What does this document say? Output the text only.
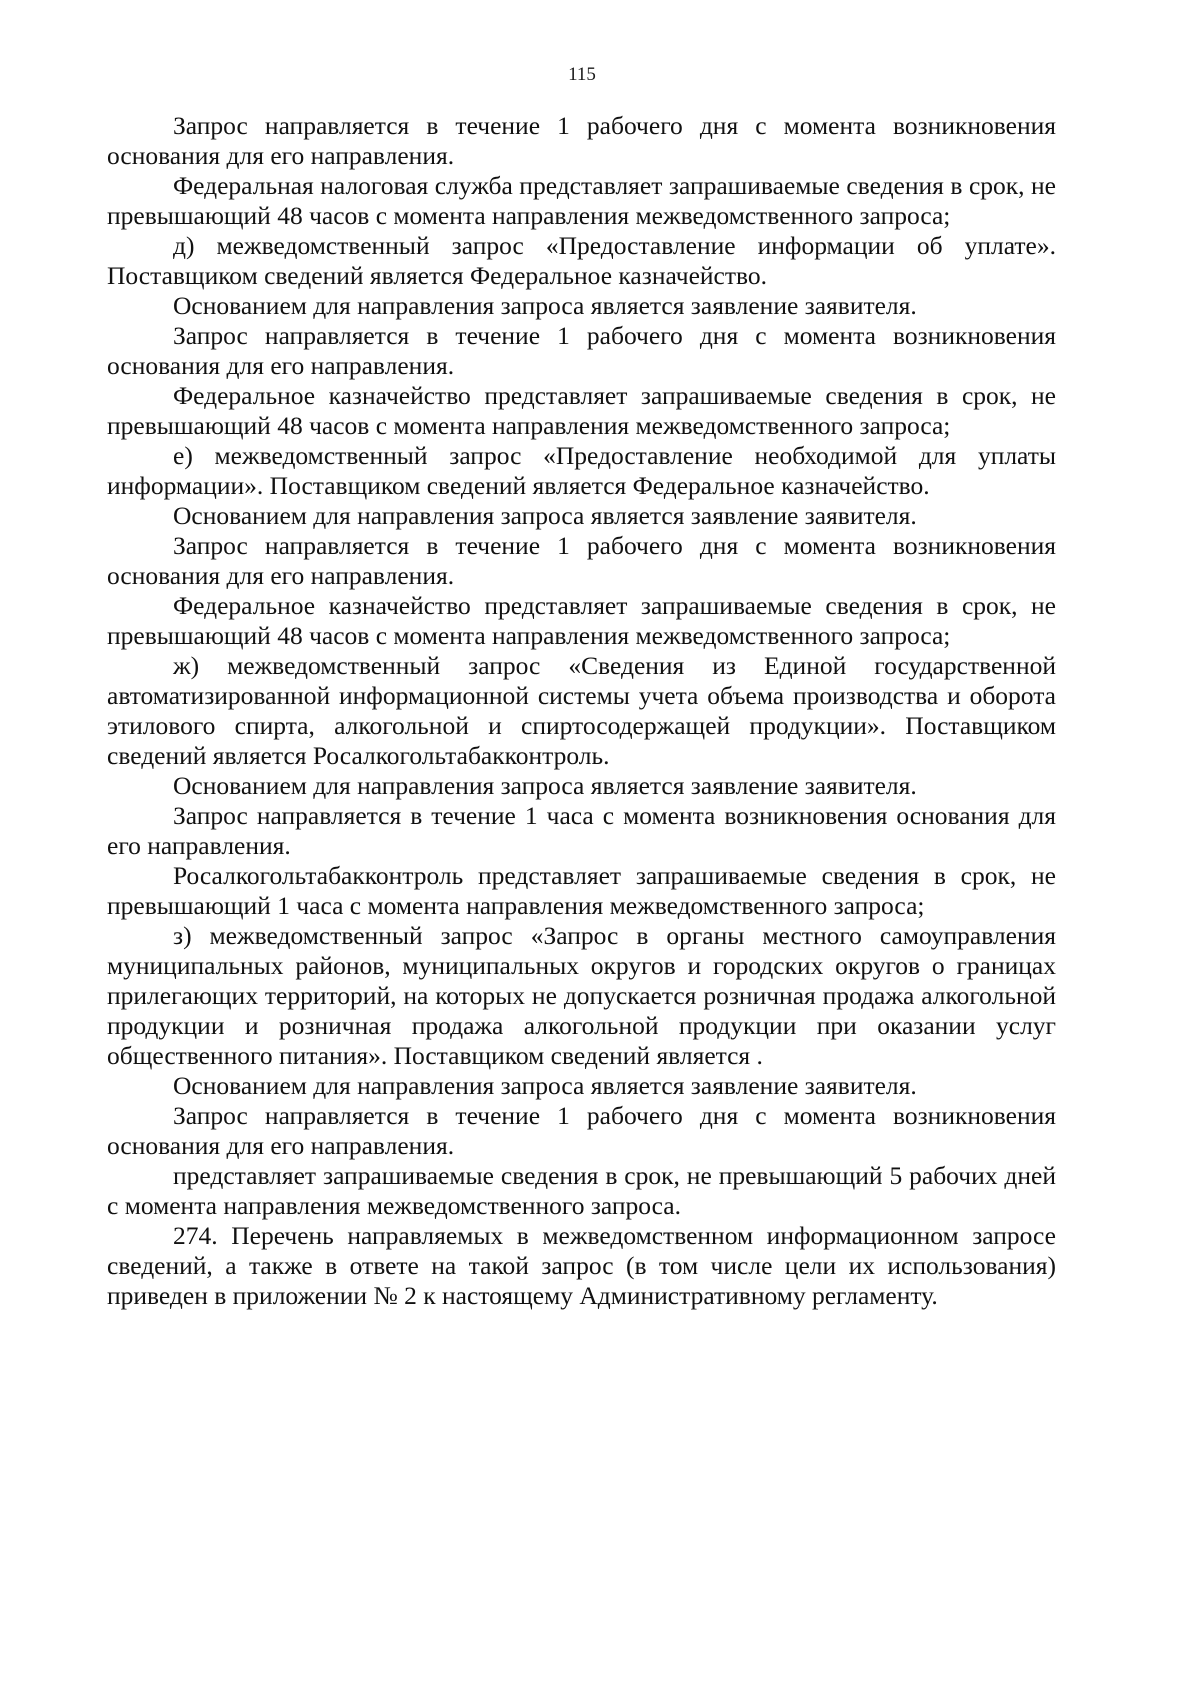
115

Запрос направляется в течение 1 рабочего дня с момента возникновения основания для его направления.

Федеральная налоговая служба представляет запрашиваемые сведения в срок, не превышающий 48 часов с момента направления межведомственного запроса;

д) межведомственный запрос «Предоставление информации об уплате». Поставщиком сведений является Федеральное казначейство.

Основанием для направления запроса является заявление заявителя.

Запрос направляется в течение 1 рабочего дня с момента возникновения основания для его направления.

Федеральное казначейство представляет запрашиваемые сведения в срок, не превышающий 48 часов с момента направления межведомственного запроса;

е) межведомственный запрос «Предоставление необходимой для уплаты информации». Поставщиком сведений является Федеральное казначейство.

Основанием для направления запроса является заявление заявителя.

Запрос направляется в течение 1 рабочего дня с момента возникновения основания для его направления.

Федеральное казначейство представляет запрашиваемые сведения в срок, не превышающий 48 часов с момента направления межведомственного запроса;

ж) межведомственный запрос «Сведения из Единой государственной автоматизированной информационной системы учета объема производства и оборота этилового спирта, алкогольной и спиртосодержащей продукции». Поставщиком сведений является Росалкогольтабакконтроль.

Основанием для направления запроса является заявление заявителя.

Запрос направляется в течение 1 часа с момента возникновения основания для его направления.

Росалкогольтабакконтроль представляет запрашиваемые сведения в срок, не превышающий 1 часа с момента направления межведомственного запроса;

з) межведомственный запрос «Запрос в органы местного самоуправления муниципальных районов, муниципальных округов и городских округов о границах прилегающих территорий, на которых не допускается розничная продажа алкогольной продукции и розничная продажа алкогольной продукции при оказании услуг общественного питания». Поставщиком сведений является .

Основанием для направления запроса является заявление заявителя.

Запрос направляется в течение 1 рабочего дня с момента возникновения основания для его направления.

представляет запрашиваемые сведения в срок, не превышающий 5 рабочих дней с момента направления межведомственного запроса.

274. Перечень направляемых в межведомственном информационном запросе сведений, а также в ответе на такой запрос (в том числе цели их использования) приведен в приложении № 2 к настоящему Административному регламенту.
